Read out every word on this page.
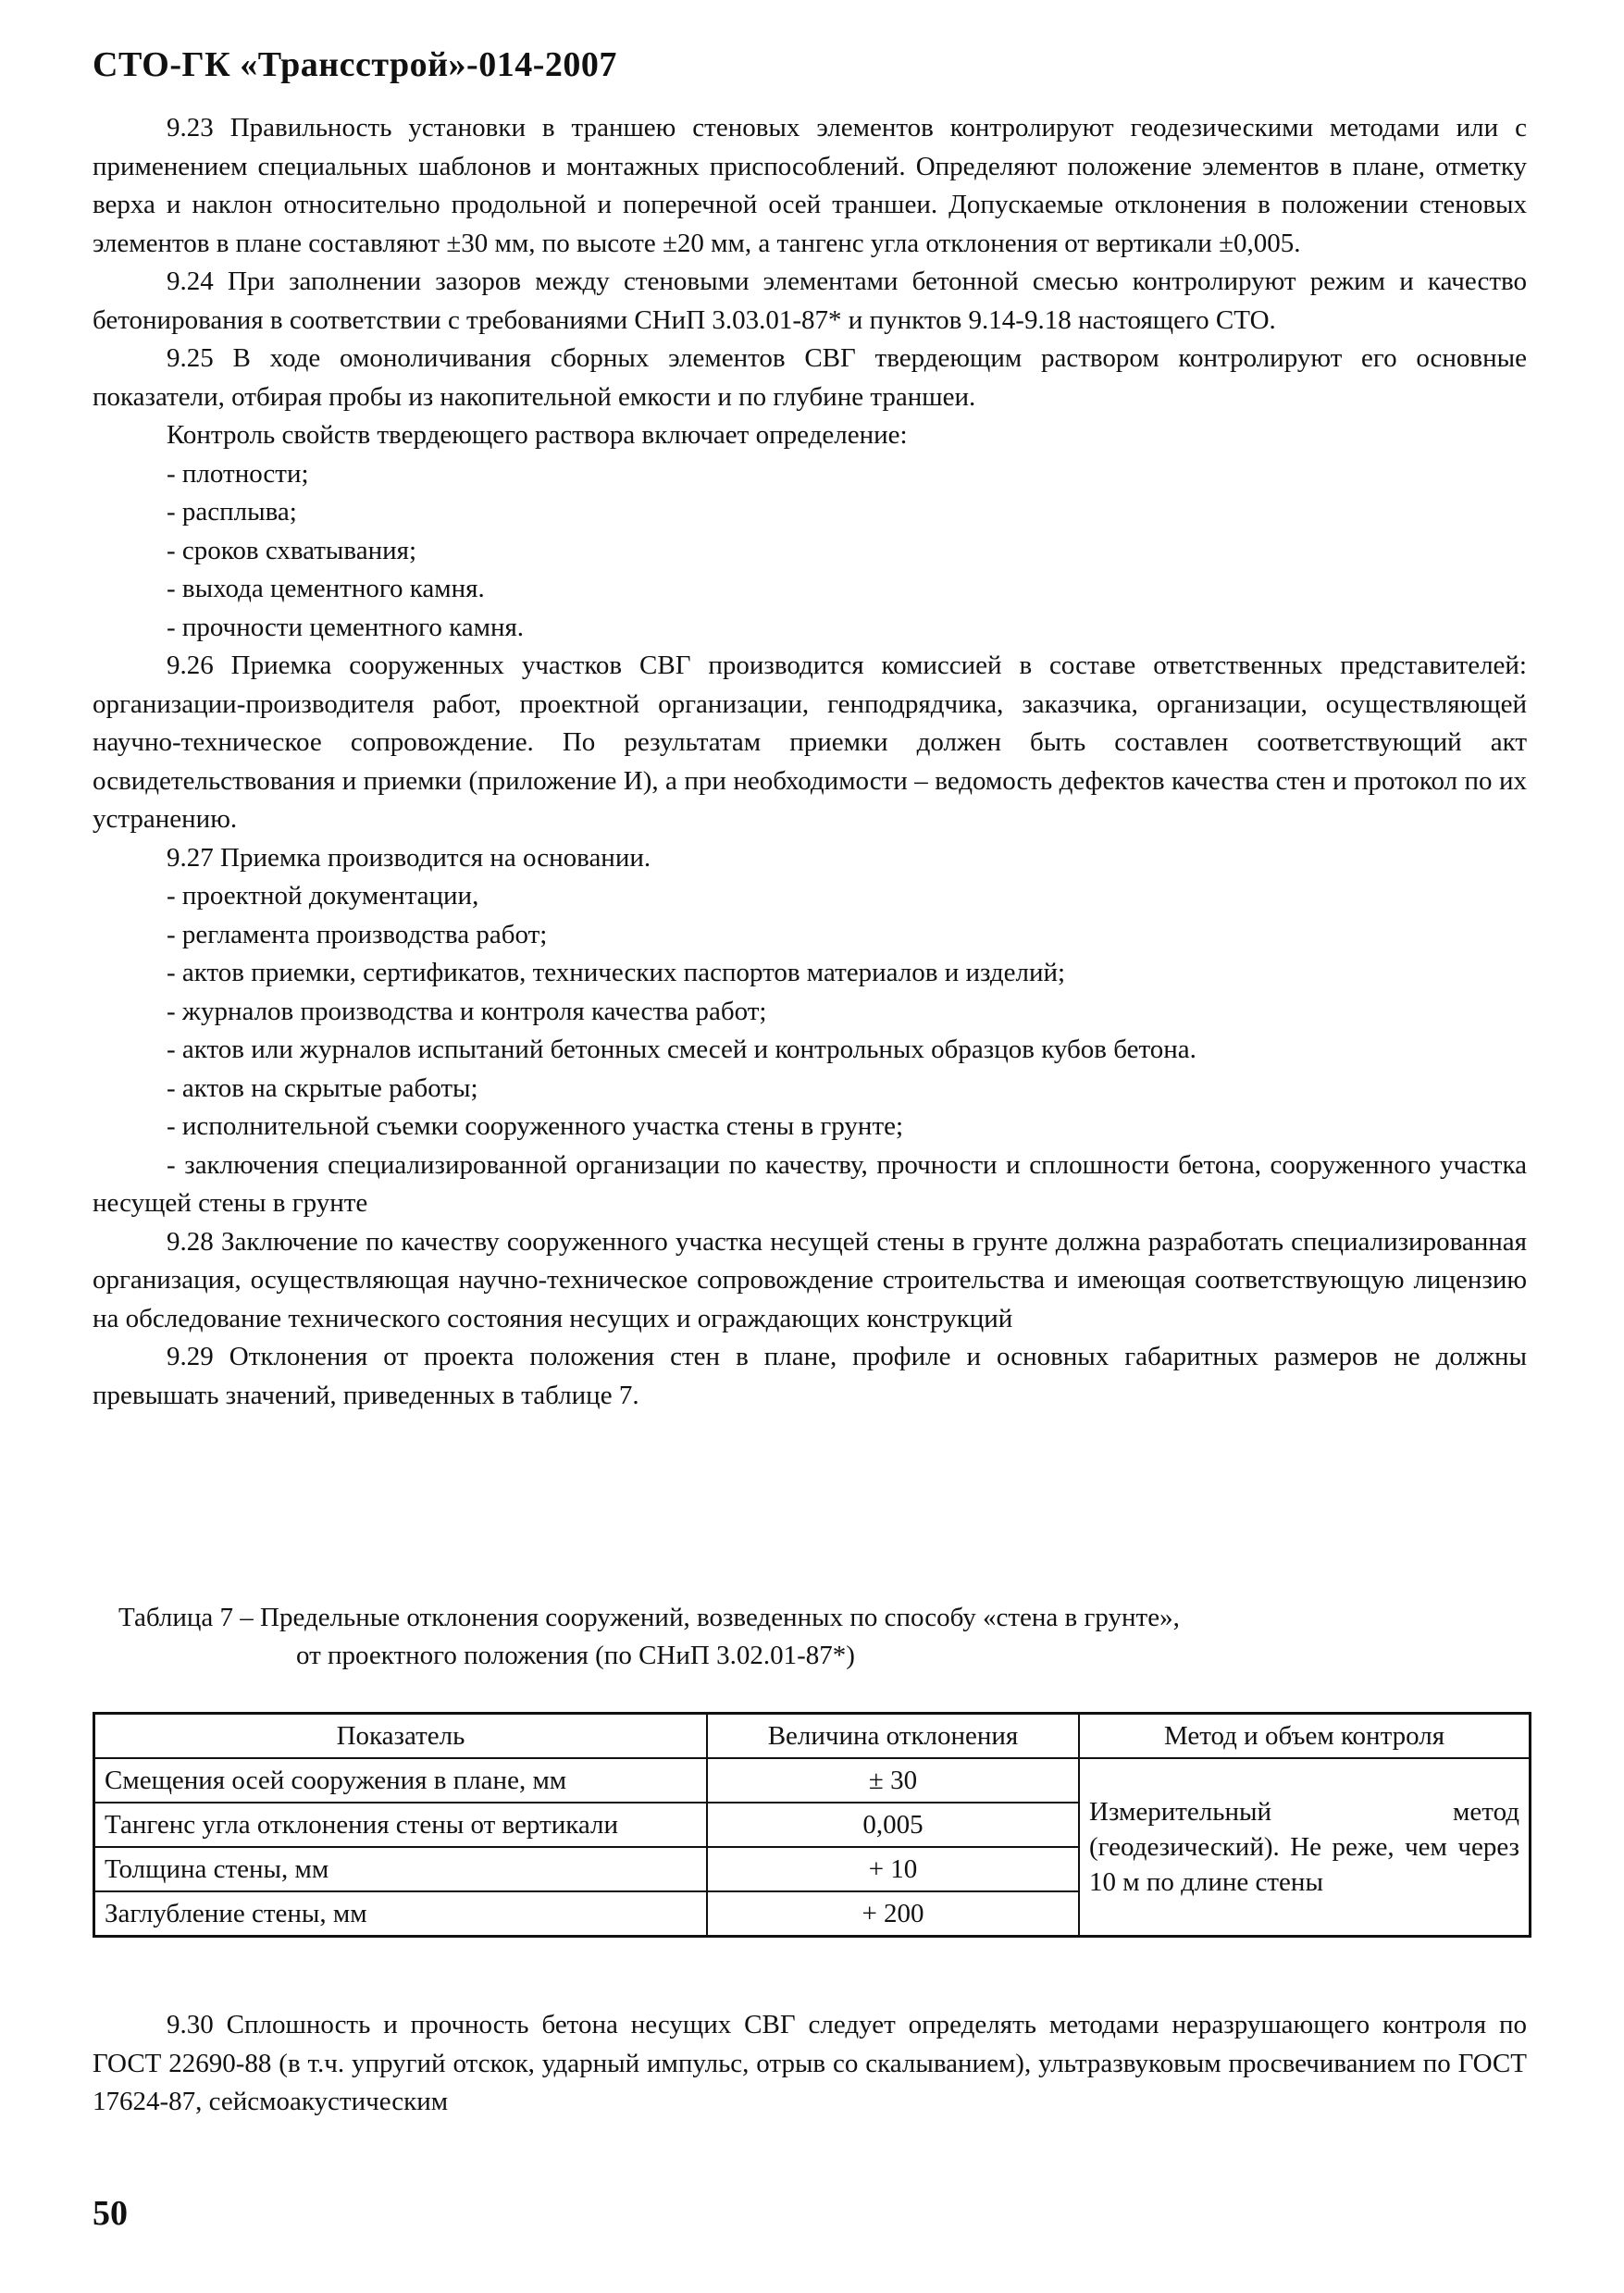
СТО-ГК «Трансстрой»-014-2007

9.23 Правильность установки в траншею стеновых элементов контролируют геодезическими методами или с применением специальных шаблонов и монтажных приспособлений. Определяют положение элементов в плане, отметку верха и наклон относительно продольной и поперечной осей траншеи. Допускаемые отклонения в положении стеновых элементов в плане составляют ±30 мм, по высоте ±20 мм, а тангенс угла отклонения от вертикали ±0,005.

9.24 При заполнении зазоров между стеновыми элементами бетонной смесью контролируют режим и качество бетонирования в соответствии с требованиями СНиП 3.03.01-87* и пунктов 9.14-9.18 настоящего СТО.

9.25 В ходе омоноличивания сборных элементов СВГ твердеющим раствором контролируют его основные показатели, отбирая пробы из накопительной емкости и по глубине траншеи.

Контроль свойств твердеющего раствора включает определение:

- плотности;

- расплыва;

- сроков схватывания;

- выхода цементного камня.

- прочности цементного камня.

9.26 Приемка сооруженных участков СВГ производится комиссией в составе ответственных представителей: организации-производителя работ, проектной организации, генподрядчика, заказчика, организации, осуществляющей научно-техническое сопровождение. По результатам приемки должен быть составлен соответствующий акт освидетельствования и приемки (приложение И), а при необходимости – ведомость дефектов качества стен и протокол по их устранению.

9.27 Приемка производится на основании.

- проектной документации,

- регламента производства работ;

- актов приемки, сертификатов, технических паспортов материалов и изделий;

- журналов производства и контроля качества работ;

- актов или журналов испытаний бетонных смесей и контрольных образцов кубов бетона.

- актов на скрытые работы;

- исполнительной съемки сооруженного участка стены в грунте;

- заключения специализированной организации по качеству, прочности и сплошности бетона, сооруженного участка несущей стены в грунте

9.28 Заключение по качеству сооруженного участка несущей стены в грунте должна разработать специализированная организация, осуществляющая научно-техническое сопровождение строительства и имеющая соответствующую лицензию на обследование технического состояния несущих и ограждающих конструкций

9.29 Отклонения от проекта положения стен в плане, профиле и основных габаритных размеров не должны превышать значений, приведенных в таблице 7.

Таблица 7 – Предельные отклонения сооружений, возведенных по способу «стена в грунте»,
от проектного положения (по СНиП 3.02.01-87*)
Показатель	Величина отклонения	Метод и объем контроля
Смещения осей сооружения в плане, мм	± 30	Измерительный метод (геодезический). Не реже, чем через 10 м по длине стены
Тангенс угла отклонения стены от вертикали	0,005	
Толщина стены, мм	+ 10	
Заглубление стены, мм	+ 200	

9.30 Сплошность и прочность бетона несущих СВГ следует определять методами неразрушающего контроля по ГОСТ 22690-88 (в т.ч. упругий отскок, ударный импульс, отрыв со скалыванием), ультразвуковым просвечиванием по ГОСТ 17624-87, сейсмоакустическим

50
